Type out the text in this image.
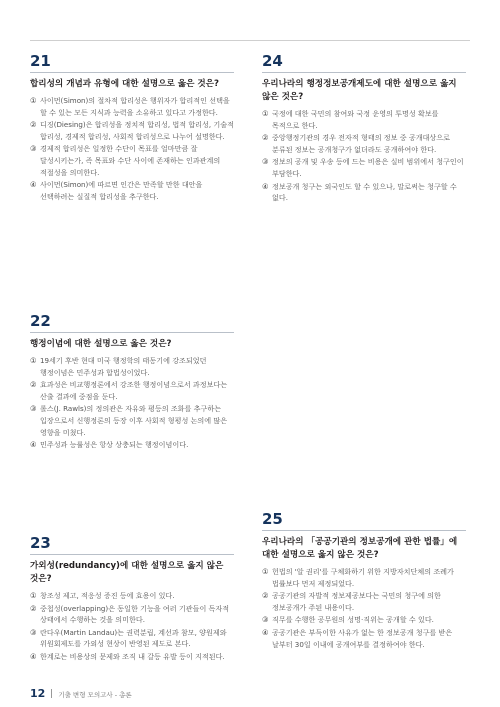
21
합리성의 개념과 유형에 대한 설명으로 옳은 것은?
① 사이먼(Simon)의 절차적 합리성은 행위자가 합리적인 선택을 할 수 있는 모든 지식과 능력을 소유하고 있다고 가정한다.
② 디징(Diesing)은 합리성을 정치적 합리성, 법적 합리성, 기술적 합리성, 경제적 합리성, 사회적 합리성으로 나누어 설명한다.
③ 경제적 합리성은 일정한 수단이 목표를 얼마만큼 잘 달성시키는가, 즉 목표와 수단 사이에 존재하는 인과관계의 적절성을 의미한다.
④ 사이먼(Simon)에 따르면 인간은 만족할 만한 대안을 선택하려는 실질적 합리성을 추구한다.
24
우리나라의 행정정보공개제도에 대한 설명으로 옳지 않은 것은?
① 국정에 대한 국민의 참여와 국정 운영의 투명성 확보를 목적으로 한다.
② 중앙행정기관의 경우 전자적 형태의 정보 중 공개대상으로 분류된 정보는 공개청구가 없더라도 공개하여야 한다.
③ 정보의 공개 및 우송 등에 드는 비용은 실비 범위에서 청구인이 부담한다.
④ 정보공개 청구는 외국인도 할 수 있으나, 말로써는 청구할 수 없다.
22
행정이념에 대한 설명으로 옳은 것은?
① 19세기 후반 현대 미국 행정학의 태동기에 강조되었던 행정이념은 민주성과 합법성이었다.
② 효과성은 비교행정론에서 강조한 행정이념으로서 과정보다는 산출 결과에 중점을 둔다.
③ 롤스(J. Rawls)의 정의관은 자유와 평등의 조화를 추구하는 입장으로서 신행정론의 등장 이후 사회적 형평성 논의에 많은 영향을 미쳤다.
④ 민주성과 능률성은 항상 상충되는 행정이념이다.
23
가외성(redundancy)에 대한 설명으로 옳지 않은 것은?
① 창조성 제고, 적응성 증진 등에 효용이 있다.
② 중첩성(overlapping)은 동일한 기능을 여러 기관들이 독자적 상태에서 수행하는 것을 의미한다.
③ 란다우(Martin Landau)는 권력분립, 계선과 참모, 양원제와 위원회제도를 가외성 현상이 반영된 제도로 본다.
④ 한계로는 비용상의 문제와 조직 내 갈등 유발 등이 지적된다.
25
우리나라의 「공공기관의 정보공개에 관한 법률」에 대한 설명으로 옳지 않은 것은?
① 헌법의 '알 권리'를 구체화하기 위한 지방자치단체의 조례가 법률보다 먼저 제정되었다.
② 공공기관의 자발적 정보제공보다는 국민의 청구에 의한 정보공개가 주된 내용이다.
③ 직무를 수행한 공무원의 성명·직위는 공개할 수 있다.
④ 공공기관은 부득이한 사유가 없는 한 정보공개 청구를 받은 날부터 30일 이내에 공개여부를 결정하여야 한다.
12 기출 변형 모의고사 - 총론
